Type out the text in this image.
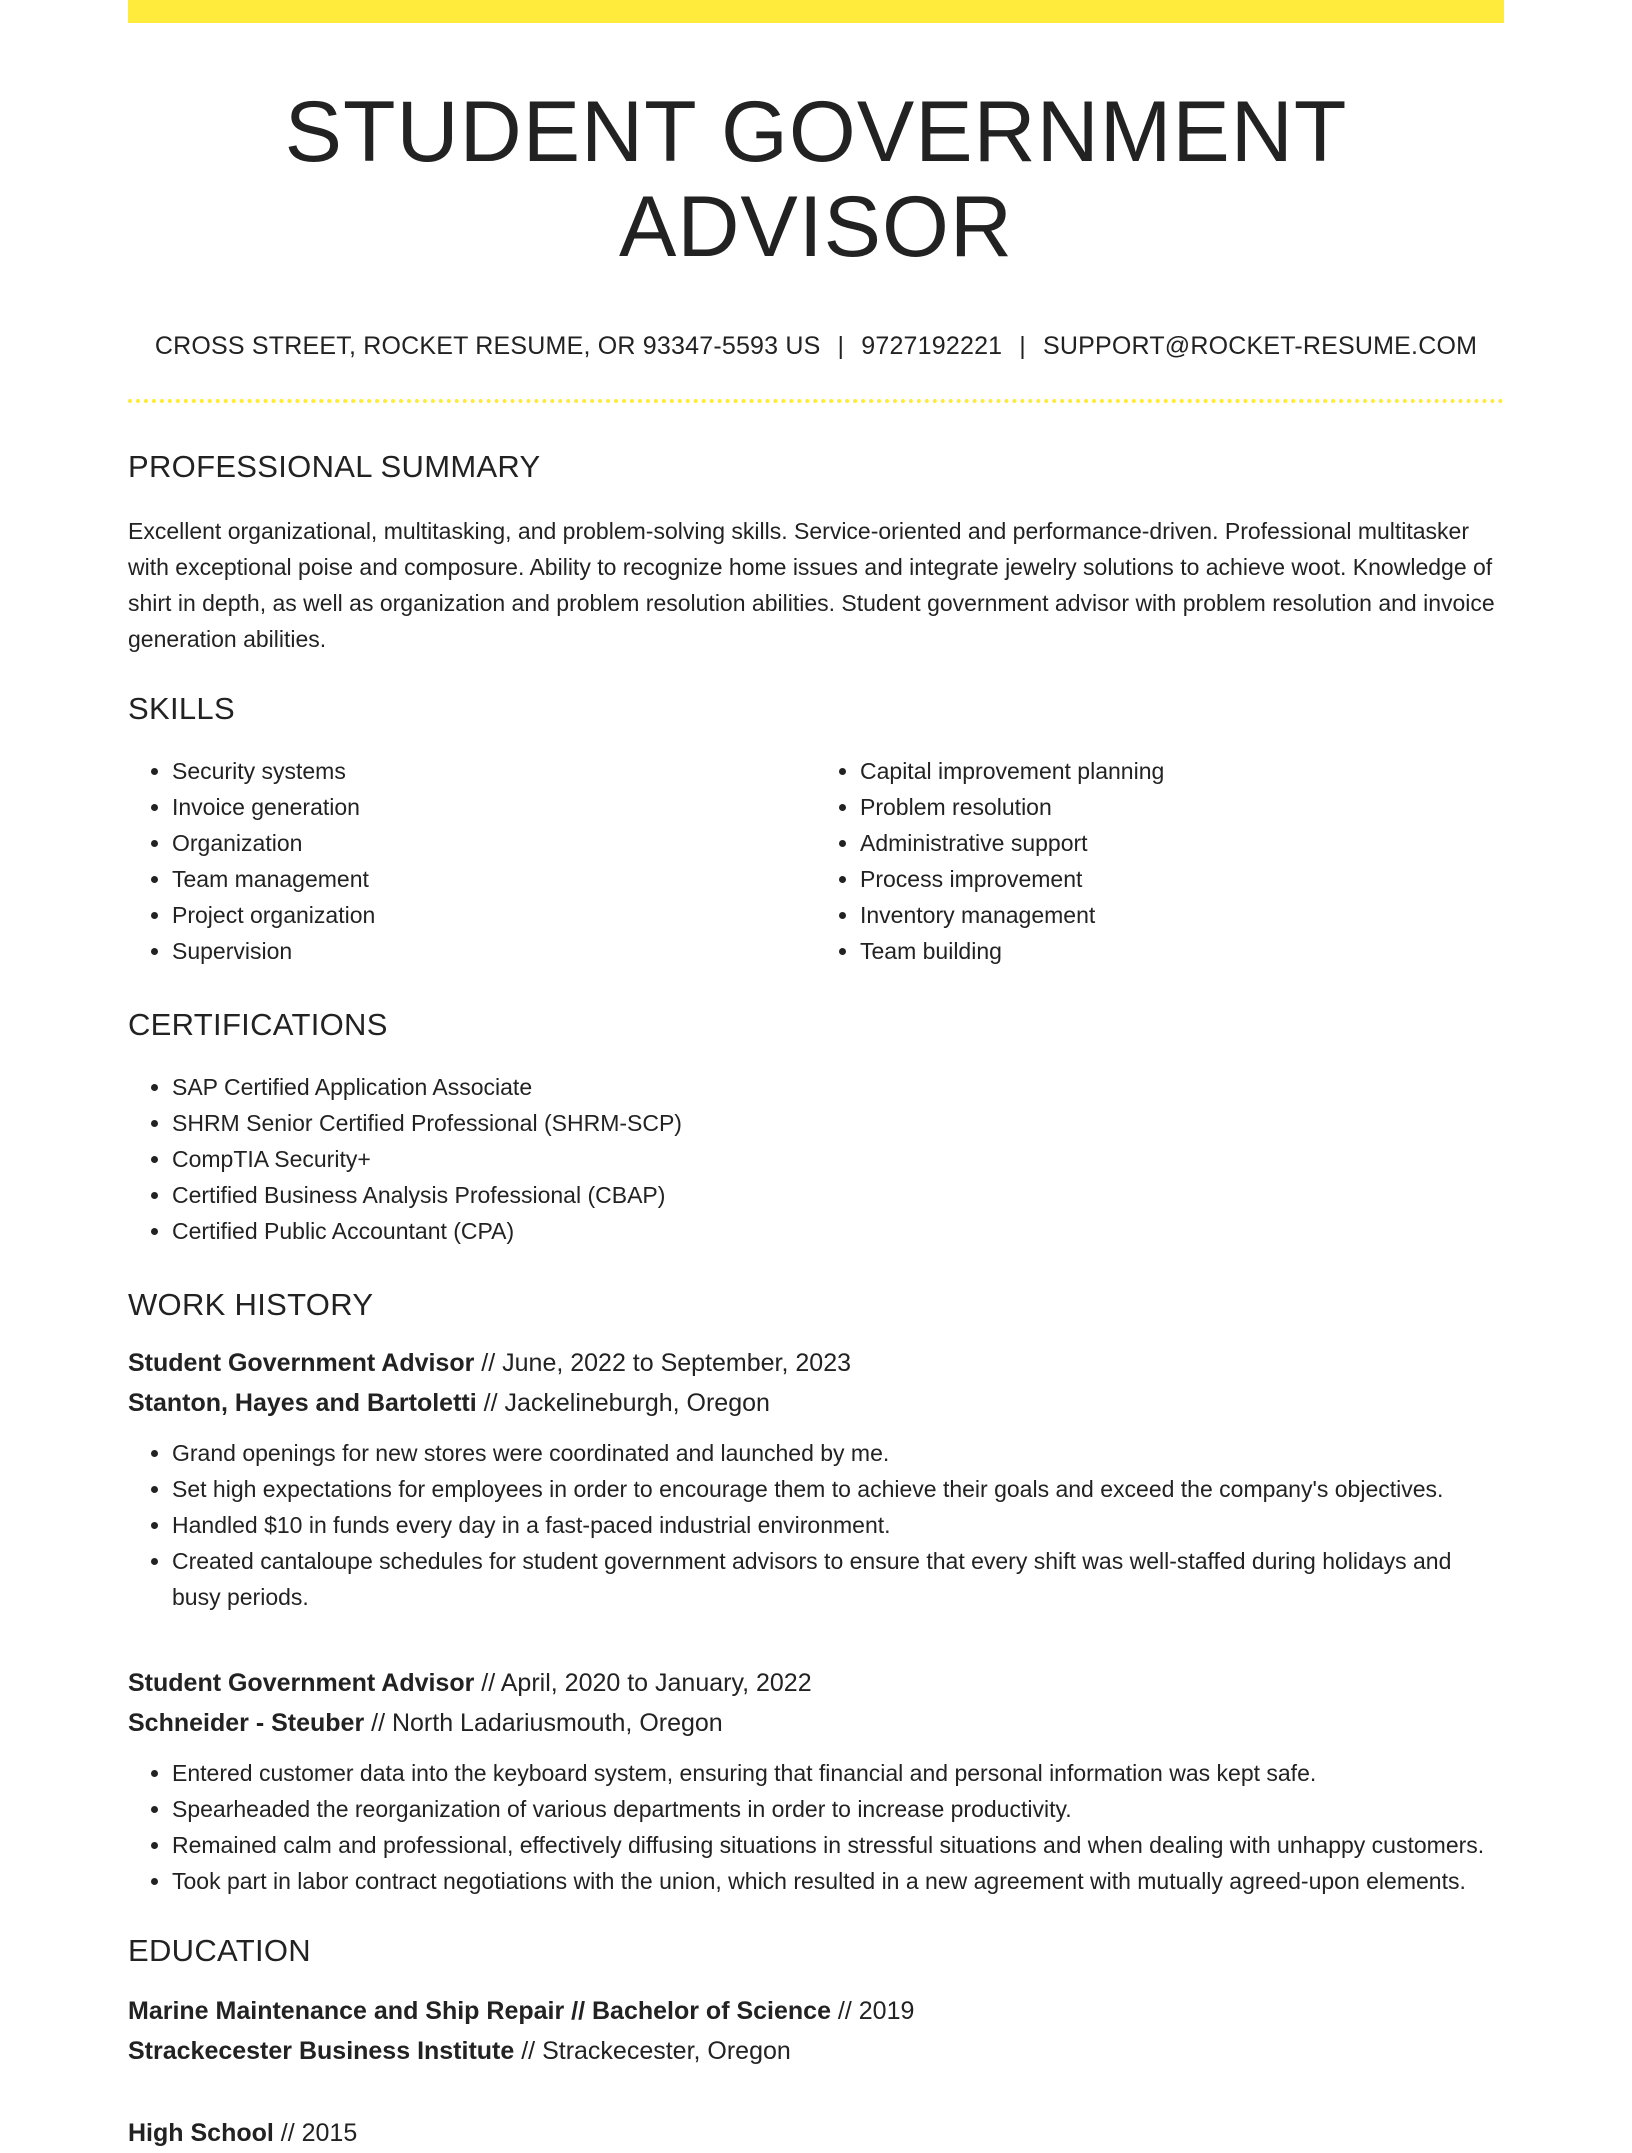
STUDENT GOVERNMENT ADVISOR
CROSS STREET, ROCKET RESUME, OR 93347-5593 US | 9727192221 | SUPPORT@ROCKET-RESUME.COM
PROFESSIONAL SUMMARY
Excellent organizational, multitasking, and problem-solving skills. Service-oriented and performance-driven. Professional multitasker with exceptional poise and composure. Ability to recognize home issues and integrate jewelry solutions to achieve woot. Knowledge of shirt in depth, as well as organization and problem resolution abilities. Student government advisor with problem resolution and invoice generation abilities.
SKILLS
• Security systems
• Invoice generation
• Organization
• Team management
• Project organization
• Supervision
• Capital improvement planning
• Problem resolution
• Administrative support
• Process improvement
• Inventory management
• Team building
CERTIFICATIONS
• SAP Certified Application Associate
• SHRM Senior Certified Professional (SHRM-SCP)
• CompTIA Security+
• Certified Business Analysis Professional (CBAP)
• Certified Public Accountant (CPA)
WORK HISTORY
Student Government Advisor // June, 2022 to September, 2023
Stanton, Hayes and Bartoletti // Jackelineburgh, Oregon
• Grand openings for new stores were coordinated and launched by me.
• Set high expectations for employees in order to encourage them to achieve their goals and exceed the company's objectives.
• Handled $10 in funds every day in a fast-paced industrial environment.
• Created cantaloupe schedules for student government advisors to ensure that every shift was well-staffed during holidays and busy periods.
Student Government Advisor // April, 2020 to January, 2022
Schneider - Steuber // North Ladariusmouth, Oregon
• Entered customer data into the keyboard system, ensuring that financial and personal information was kept safe.
• Spearheaded the reorganization of various departments in order to increase productivity.
• Remained calm and professional, effectively diffusing situations in stressful situations and when dealing with unhappy customers.
• Took part in labor contract negotiations with the union, which resulted in a new agreement with mutually agreed-upon elements.
EDUCATION
Marine Maintenance and Ship Repair // Bachelor of Science // 2019
Strackecester Business Institute // Strackecester, Oregon
High School // 2015
